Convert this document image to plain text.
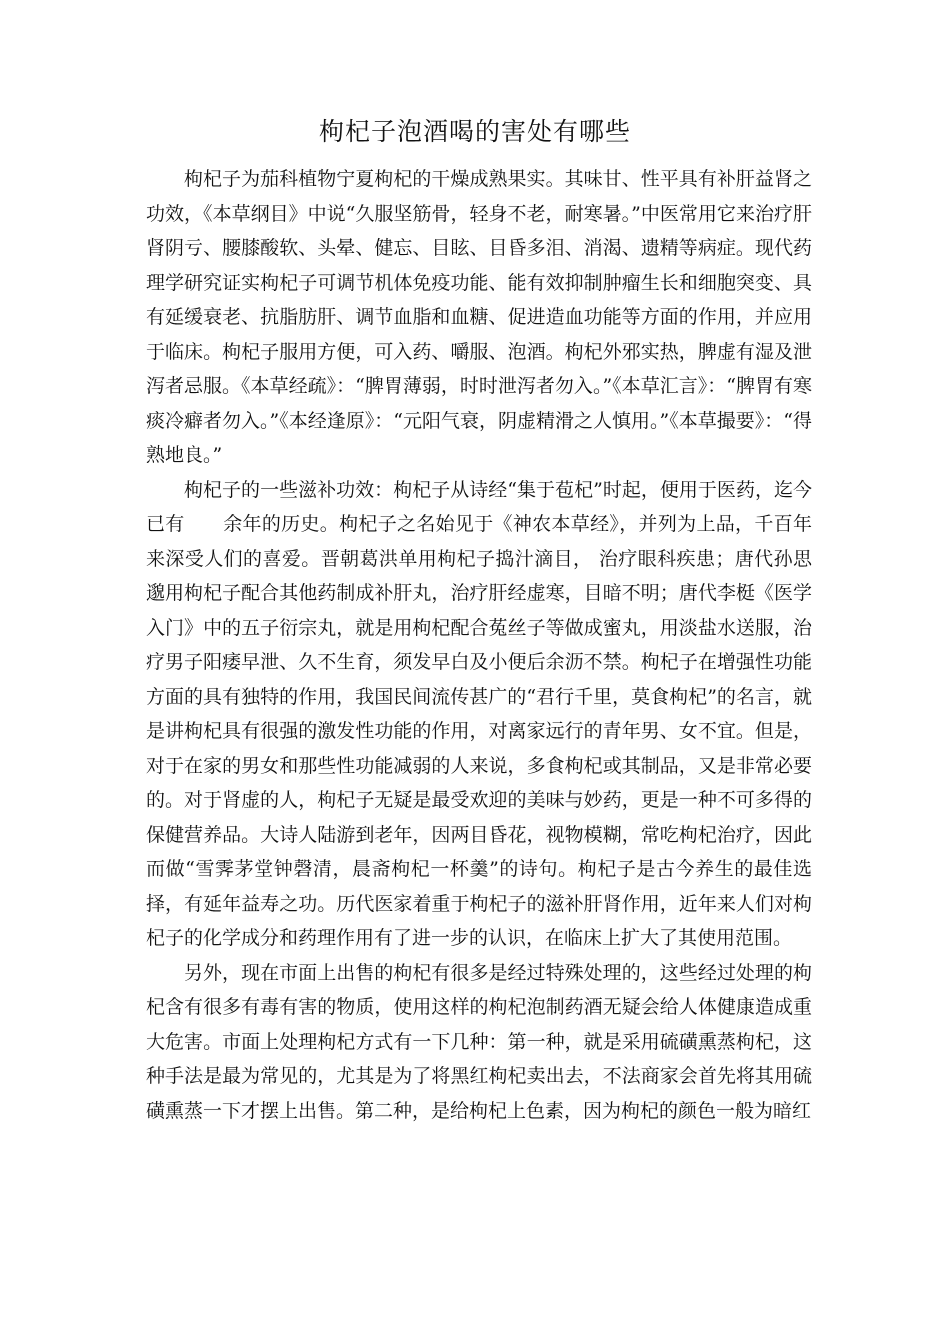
枸杞子泡酒喝的害处有哪些

枸杞子为茄科植物宁夏枸杞的干燥成熟果实。其味甘、性平具有补肝益肾之功效，《本草纲目》中说“久服坚筋骨，轻身不老，耐寒暑。”中医常用它来治疗肝肾阴亏、腰膝酸软、头晕、健忘、目眩、目昏多泪、消渴、遗精等病症。现代药理学研究证实枸杞子可调节机体免疫功能、能有效抑制肿瘤生长和细胞突变、具有延缓衰老、抗脂肪肝、调节血脂和血糖、促进造血功能等方面的作用，并应用于临床。枸杞子服用方便，可入药、嚼服、泡酒。枸杞外邪实热，脾虚有湿及泄泻者忌服。《本草经疏》：“脾胃薄弱，时时泄泻者勿入。”《本草汇言》：“脾胃有寒痰冷癖者勿入。”《本经逢原》：“元阳气衰，阴虚精滑之人慎用。”《本草撮要》：“得熟地良。”

枸杞子的一些滋补功效：枸杞子从诗经“集于苞杞”时起，便用于医药，迄今已有　　余年的历史。枸杞子之名始见于《神农本草经》，并列为上品，千百年来深受人们的喜爱。晋朝葛洪单用枸杞子捣汁滴目， 治疗眼科疾患；唐代孙思邈用枸杞子配合其他药制成补肝丸，治疗肝经虚寒，目暗不明；唐代李梃《医学入门》中的五子衍宗丸，就是用枸杞配合菟丝子等做成蜜丸，用淡盐水送服，治疗男子阳痿早泄、久不生育，须发早白及小便后余沥不禁。枸杞子在增强性功能方面的具有独特的作用，我国民间流传甚广的“君行千里，莫食枸杞”的名言，就是讲枸杞具有很强的激发性功能的作用，对离家远行的青年男、女不宜。但是，对于在家的男女和那些性功能减弱的人来说，多食枸杞或其制品，又是非常必要的。对于肾虚的人，枸杞子无疑是最受欢迎的美味与妙药，更是一种不可多得的保健营养品。大诗人陆游到老年，因两目昏花，视物模糊，常吃枸杞治疗，因此而做“雪霁茅堂钟磬清，晨斋枸杞一杯羹”的诗句。枸杞子是古今养生的最佳选择，有延年益寿之功。历代医家着重于枸杞子的滋补肝肾作用，近年来人们对枸杞子的化学成分和药理作用有了进一步的认识，在临床上扩大了其使用范围。

另外，现在市面上出售的枸杞有很多是经过特殊处理的，这些经过处理的枸杞含有很多有毒有害的物质，使用这样的枸杞泡制药酒无疑会给人体健康造成重大危害。市面上处理枸杞方式有一下几种：第一种，就是采用硫磺熏蒸枸杞，这种手法是最为常见的，尤其是为了将黑红枸杞卖出去，不法商家会首先将其用硫磺熏蒸一下才摆上出售。第二种，是给枸杞上色素，因为枸杞的颜色一般为暗红
